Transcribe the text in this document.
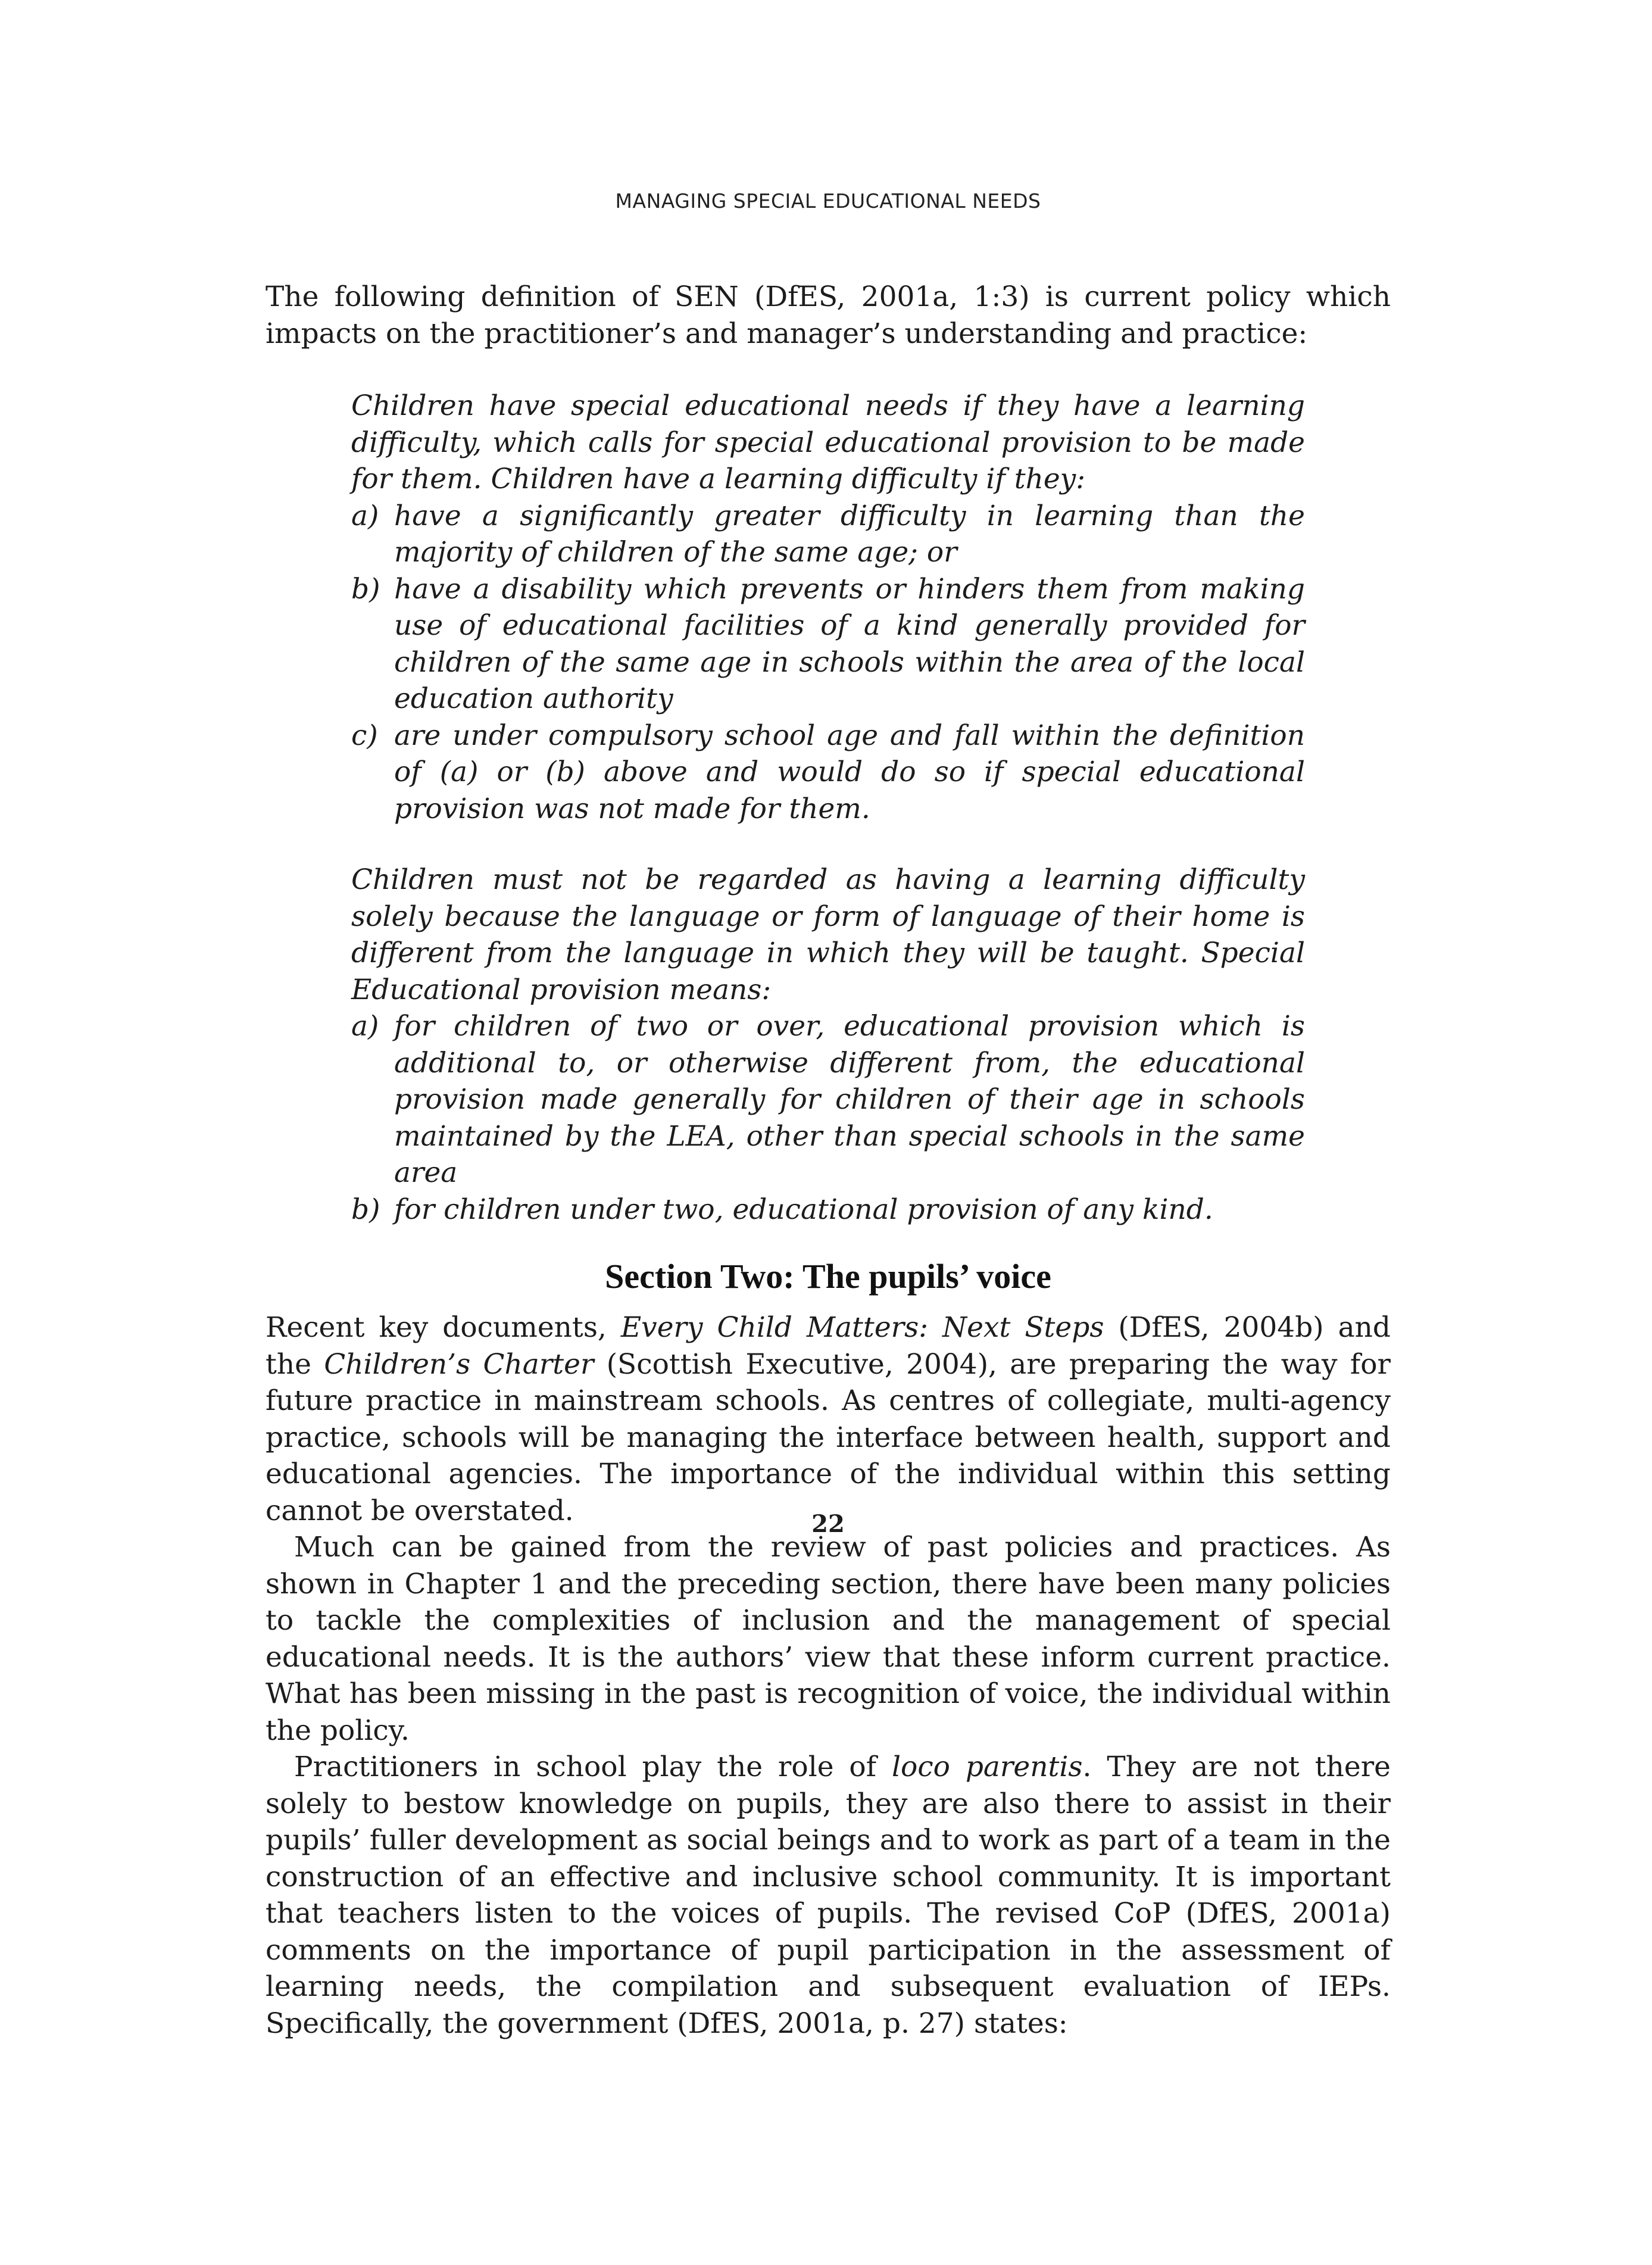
MANAGING SPECIAL EDUCATIONAL NEEDS

The following definition of SEN (DfES, 2001a, 1:3) is current policy which impacts on the practitioner’s and manager’s understanding and practice:

Children have special educational needs if they have a learning difficulty, which calls for special educational provision to be made for them. Children have a learning difficulty if they:

a) have a significantly greater difficulty in learning than the majority of children of the same age; or

b) have a disability which prevents or hinders them from making use of educational facilities of a kind generally provided for children of the same age in schools within the area of the local education authority

c) are under compulsory school age and fall within the definition of (a) or (b) above and would do so if special educational provision was not made for them.

Children must not be regarded as having a learning difficulty solely because the language or form of language of their home is different from the language in which they will be taught. Special Educational provision means:

a) for children of two or over, educational provision which is additional to, or otherwise different from, the educational provision made generally for children of their age in schools maintained by the LEA, other than special schools in the same area

b) for children under two, educational provision of any kind.

Section Two: The pupils’ voice

Recent key documents, Every Child Matters: Next Steps (DfES, 2004b) and the Children’s Charter (Scottish Executive, 2004), are preparing the way for future practice in mainstream schools. As centres of collegiate, multi-agency practice, schools will be managing the interface between health, support and educational agencies. The importance of the individual within this setting cannot be overstated.

Much can be gained from the review of past policies and practices. As shown in Chapter 1 and the preceding section, there have been many policies to tackle the complexities of inclusion and the management of special educational needs. It is the authors’ view that these inform current practice. What has been missing in the past is recognition of voice, the individual within the policy.

Practitioners in school play the role of loco parentis. They are not there solely to bestow knowledge on pupils, they are also there to assist in their pupils’ fuller development as social beings and to work as part of a team in the construction of an effective and inclusive school community. It is important that teachers listen to the voices of pupils. The revised CoP (DfES, 2001a) comments on the importance of pupil participation in the assessment of learning needs, the compilation and subsequent evaluation of IEPs. Specifically, the government (DfES, 2001a, p. 27) states:

22
